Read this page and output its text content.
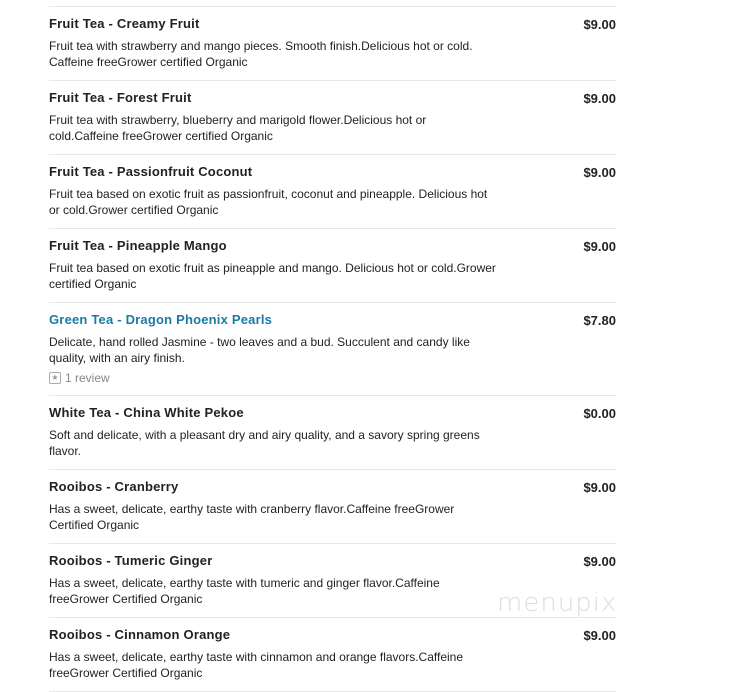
Fruit Tea - Creamy Fruit	$9.00
Fruit tea with strawberry and mango pieces. Smooth finish.Delicious hot or cold. Caffeine freeGrower certified Organic
Fruit Tea - Forest Fruit	$9.00
Fruit tea with strawberry, blueberry and marigold flower.Delicious hot or cold.Caffeine freeGrower certified Organic
Fruit Tea - Passionfruit Coconut	$9.00
Fruit tea based on exotic fruit as passionfruit, coconut and pineapple. Delicious hot or cold.Grower certified Organic
Fruit Tea - Pineapple Mango	$9.00
Fruit tea based on exotic fruit as pineapple and mango. Delicious hot or cold.Grower certified Organic
Green Tea - Dragon Phoenix Pearls	$7.80
Delicate, hand rolled Jasmine - two leaves and a bud. Succulent and candy like quality, with an airy finish.
★ 1 review
White Tea - China White Pekoe	$0.00
Soft and delicate, with a pleasant dry and airy quality, and a savory spring greens flavor.
Rooibos - Cranberry	$9.00
Has a sweet, delicate, earthy taste with cranberry flavor.Caffeine freeGrower Certified Organic
Rooibos - Tumeric Ginger	$9.00
Has a sweet, delicate, earthy taste with tumeric and ginger flavor.Caffeine freeGrower Certified Organic
Rooibos - Cinnamon Orange	$9.00
Has a sweet, delicate, earthy taste with cinnamon and orange flavors.Caffeine freeGrower Certified Organic
menupix
